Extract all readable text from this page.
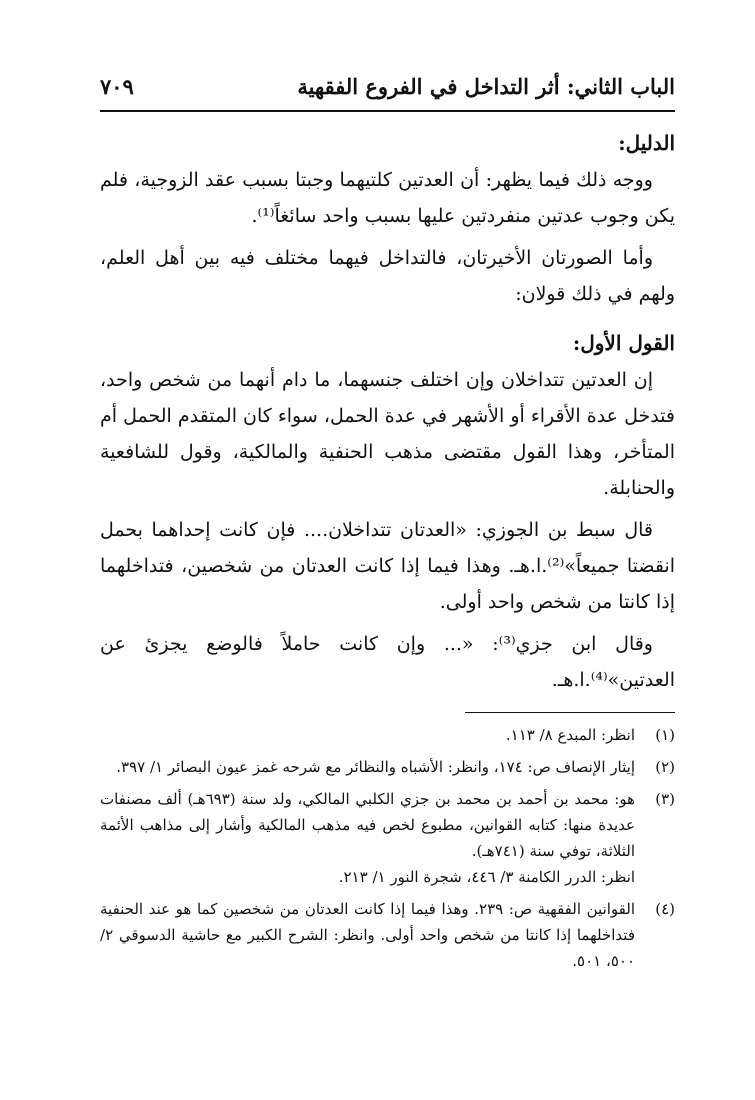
الباب الثاني: أثر التداخل في الفروع الفقهية
٧٠٩
الدليل:

ووجه ذلك فيما يظهر: أن العدتين كلتيهما وجبتا بسبب عقد الزوجية، فلم يكن وجوب عدتين منفردتين عليها بسبب واحد سائغاً⁽¹⁾.

وأما الصورتان الأخيرتان، فالتداخل فيهما مختلف فيه بين أهل العلم، ولهم في ذلك قولان:

القول الأول:

إن العدتين تتداخلان وإن اختلف جنسهما، ما دام أنهما من شخص واحد، فتدخل عدة الأقراء أو الأشهر في عدة الحمل، سواء كان المتقدم الحمل أم المتأخر، وهذا القول مقتضى مذهب الحنفية والمالكية، وقول للشافعية والحنابلة.

قال سبط بن الجوزي: «العدتان تتداخلان.... فإن كانت إحداهما بحمل انقضتا جميعاً»⁽²⁾.ا.هـ. وهذا فيما إذا كانت العدتان من شخصين، فتداخلهما إذا كانتا من شخص واحد أولى.

وقال ابن جزي⁽³⁾: «... وإن كانت حاملاً فالوضع يجزئ عن العدتين»⁽⁴⁾.ا.هـ.

(١)
انظر: المبدع ٨/ ١١٣.
(٢)
إيثار الإنصاف ص: ١٧٤، وانظر: الأشباه والنظائر مع شرحه غمز عيون البصائر ١/ ٣٩٧.
(٣)
هو: محمد بن أحمد بن محمد بن جزي الكلبي المالكي، ولد سنة (٦٩٣هـ) ألف مصنفات عديدة منها: كتابه القوانين، مطبوع لخص فيه مذهب المالكية وأشار إلى مذاهب الأئمة الثلاثة، توفي سنة (٧٤١هـ).
انظر: الدرر الكامنة ٣/ ٤٤٦، شجرة النور ١/ ٢١٣.
(٤)
القوانين الفقهية ص: ٢٣٩. وهذا فيما إذا كانت العدتان من شخصين كما هو عند الحنفية فتداخلهما إذا كانتا من شخص واحد أولى. وانظر: الشرح الكبير مع حاشية الدسوقي ٢/ ٥٠٠، ٥٠١.
